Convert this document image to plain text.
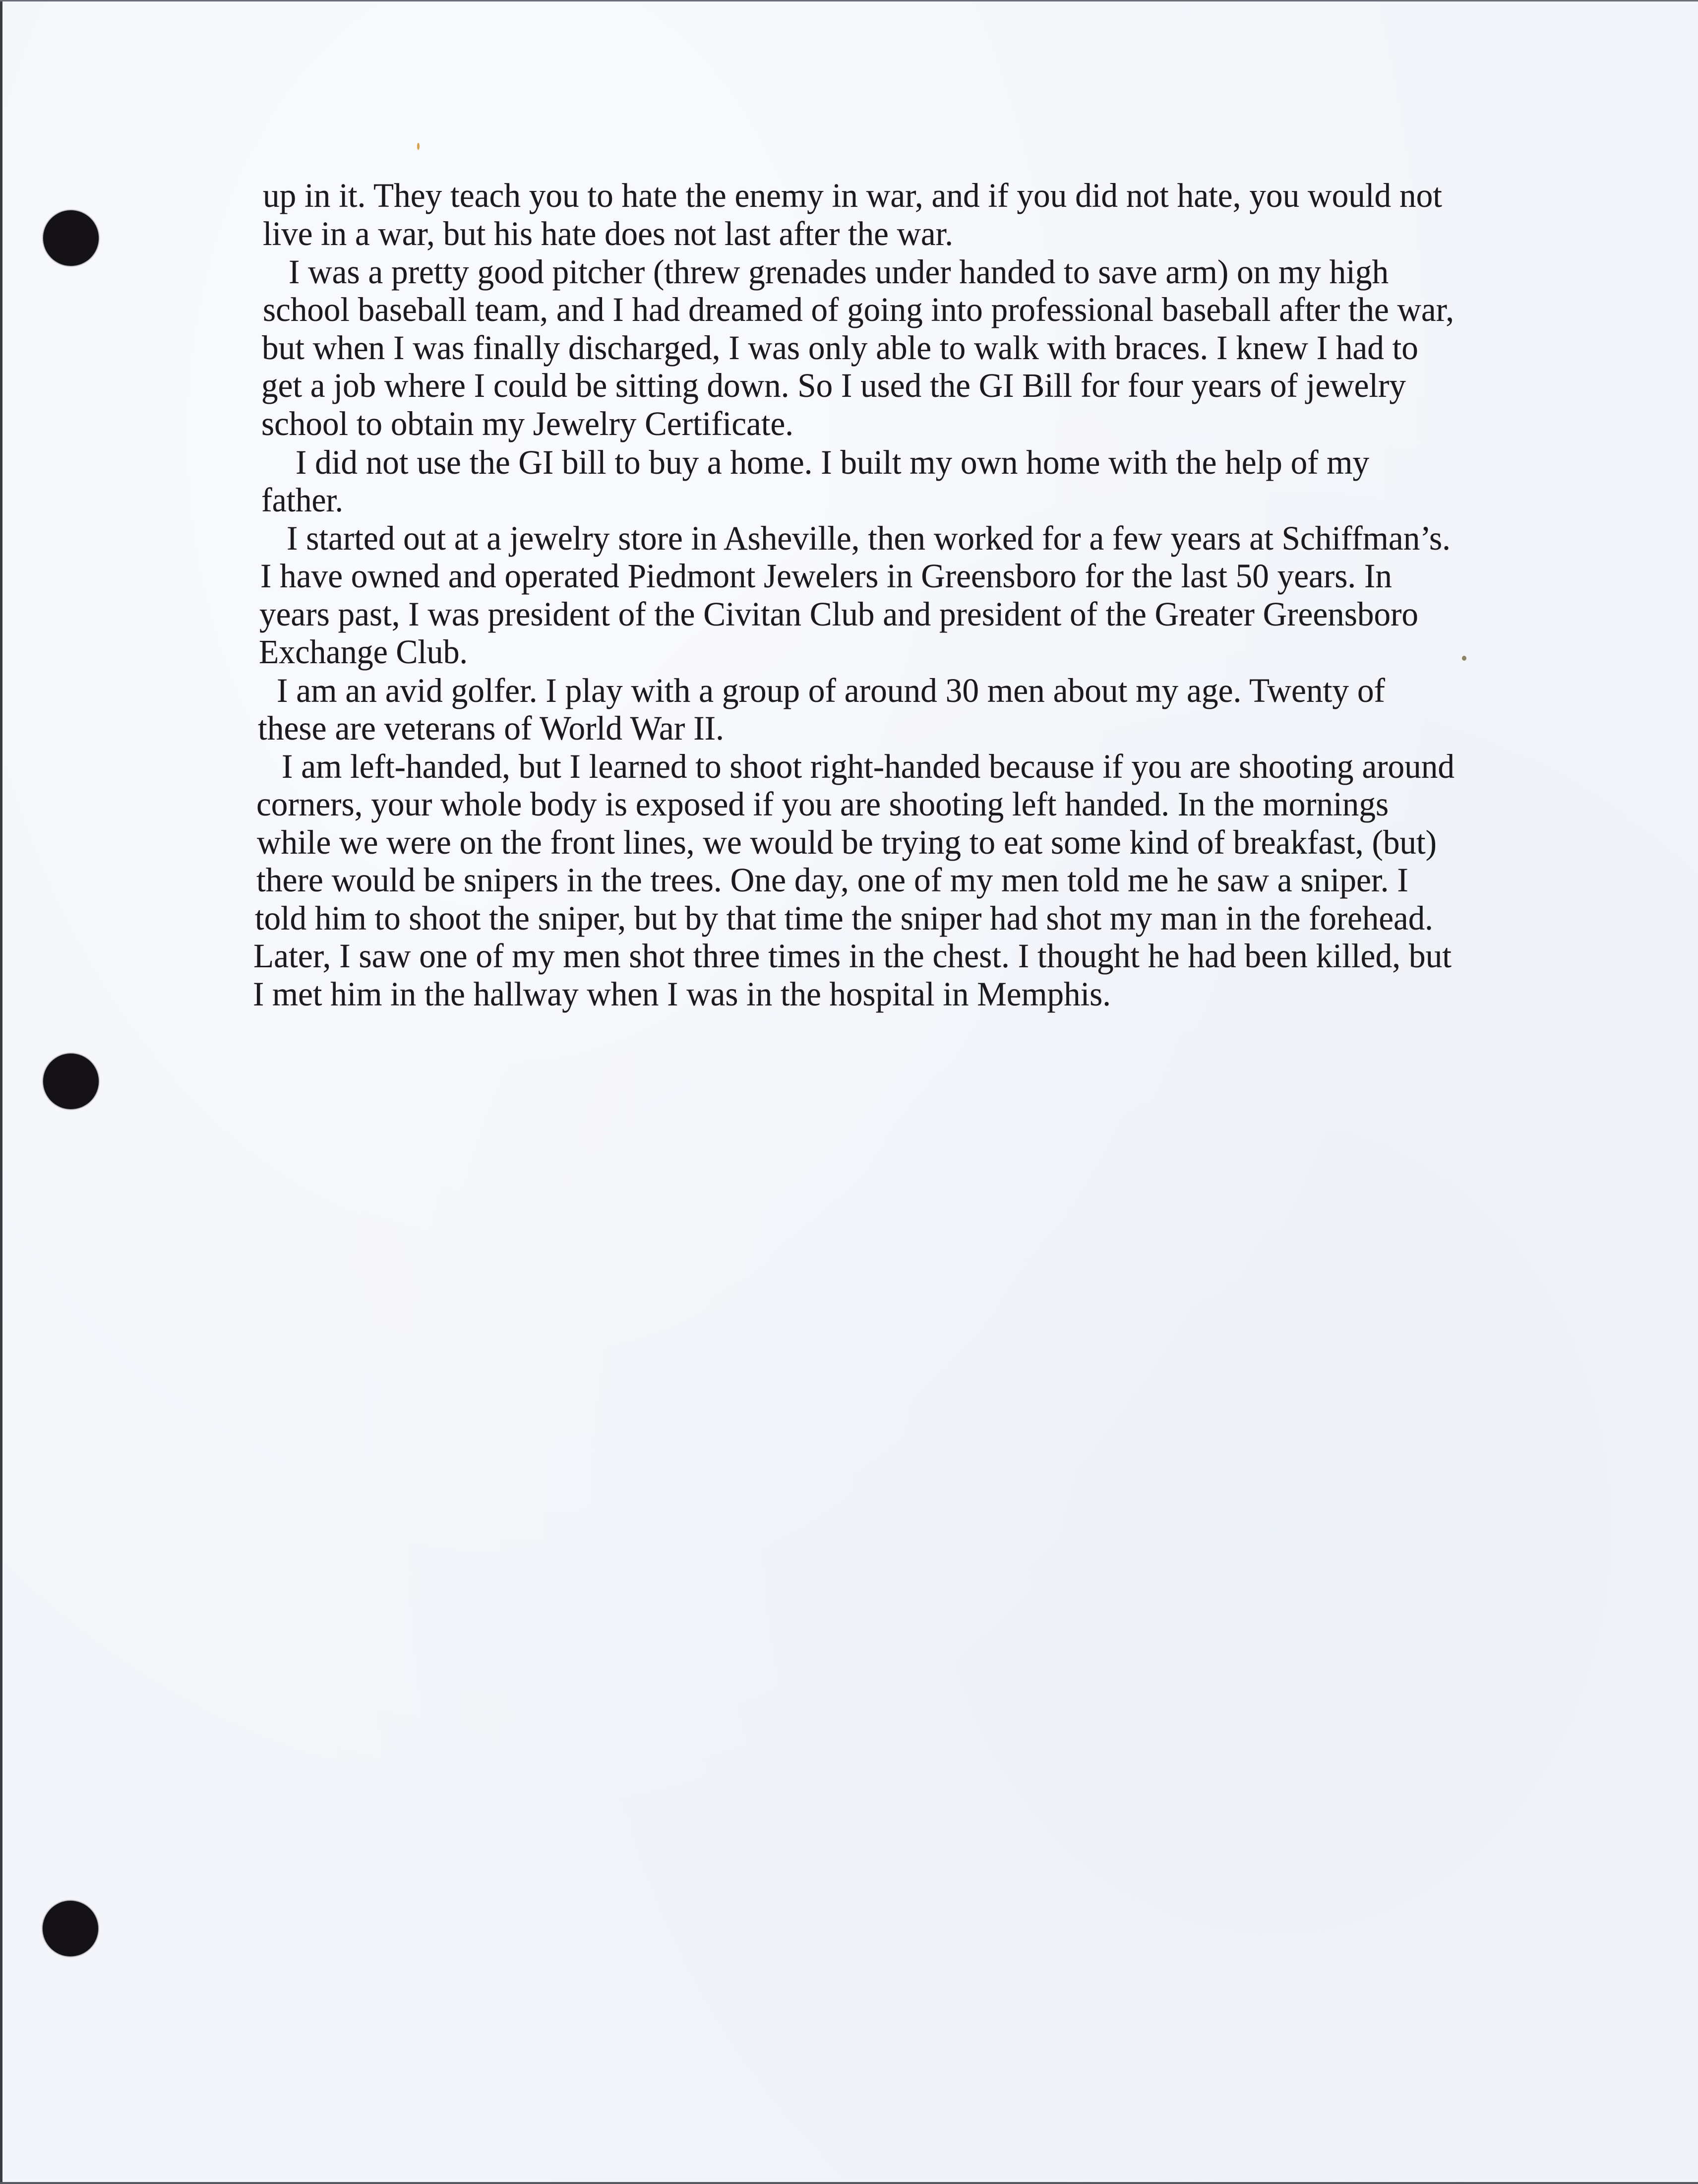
up in it. They teach you to hate the enemy in war, and if you did not hate, you would not
live in a war, but his hate does not last after the war.
I was a pretty good pitcher (threw grenades under handed to save arm) on my high
school baseball team, and I had dreamed of going into professional baseball after the war,
but when I was finally discharged, I was only able to walk with braces. I knew I had to
get a job where I could be sitting down. So I used the GI Bill for four years of jewelry
school to obtain my Jewelry Certificate.
I did not use the GI bill to buy a home. I built my own home with the help of my
father.
I started out at a jewelry store in Asheville, then worked for a few years at Schiffman’s.
I have owned and operated Piedmont Jewelers in Greensboro for the last 50 years. In
years past, I was president of the Civitan Club and president of the Greater Greensboro
Exchange Club.
I am an avid golfer. I play with a group of around 30 men about my age. Twenty of
these are veterans of World War II.
I am left-handed, but I learned to shoot right-handed because if you are shooting around
corners, your whole body is exposed if you are shooting left handed. In the mornings
while we were on the front lines, we would be trying to eat some kind of breakfast, (but)
there would be snipers in the trees. One day, one of my men told me he saw a sniper. I
told him to shoot the sniper, but by that time the sniper had shot my man in the forehead.
Later, I saw one of my men shot three times in the chest. I thought he had been killed, but
I met him in the hallway when I was in the hospital in Memphis.
